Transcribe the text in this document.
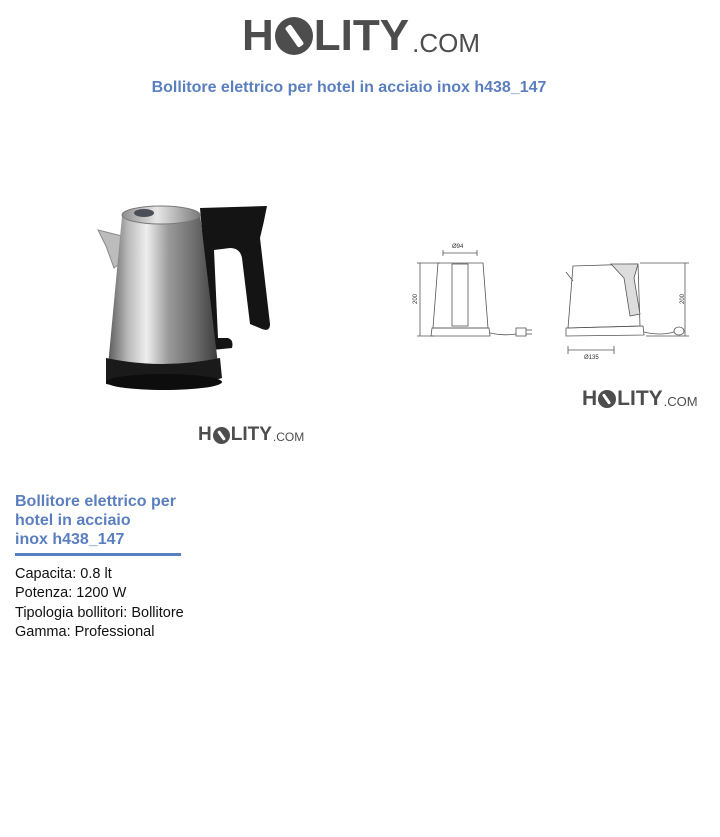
H LITY .COM
Bollitore elettrico per hotel in acciaio inox h438_147
H LITY .COM
Ø94
200
Ø135
200
H LITY .COM
Bollitore elettrico per
hotel in acciaio
inox h438_147
Capacita: 0.8 lt
Potenza: 1200 W
Tipologia bollitori: Bollitore
Gamma: Professional
